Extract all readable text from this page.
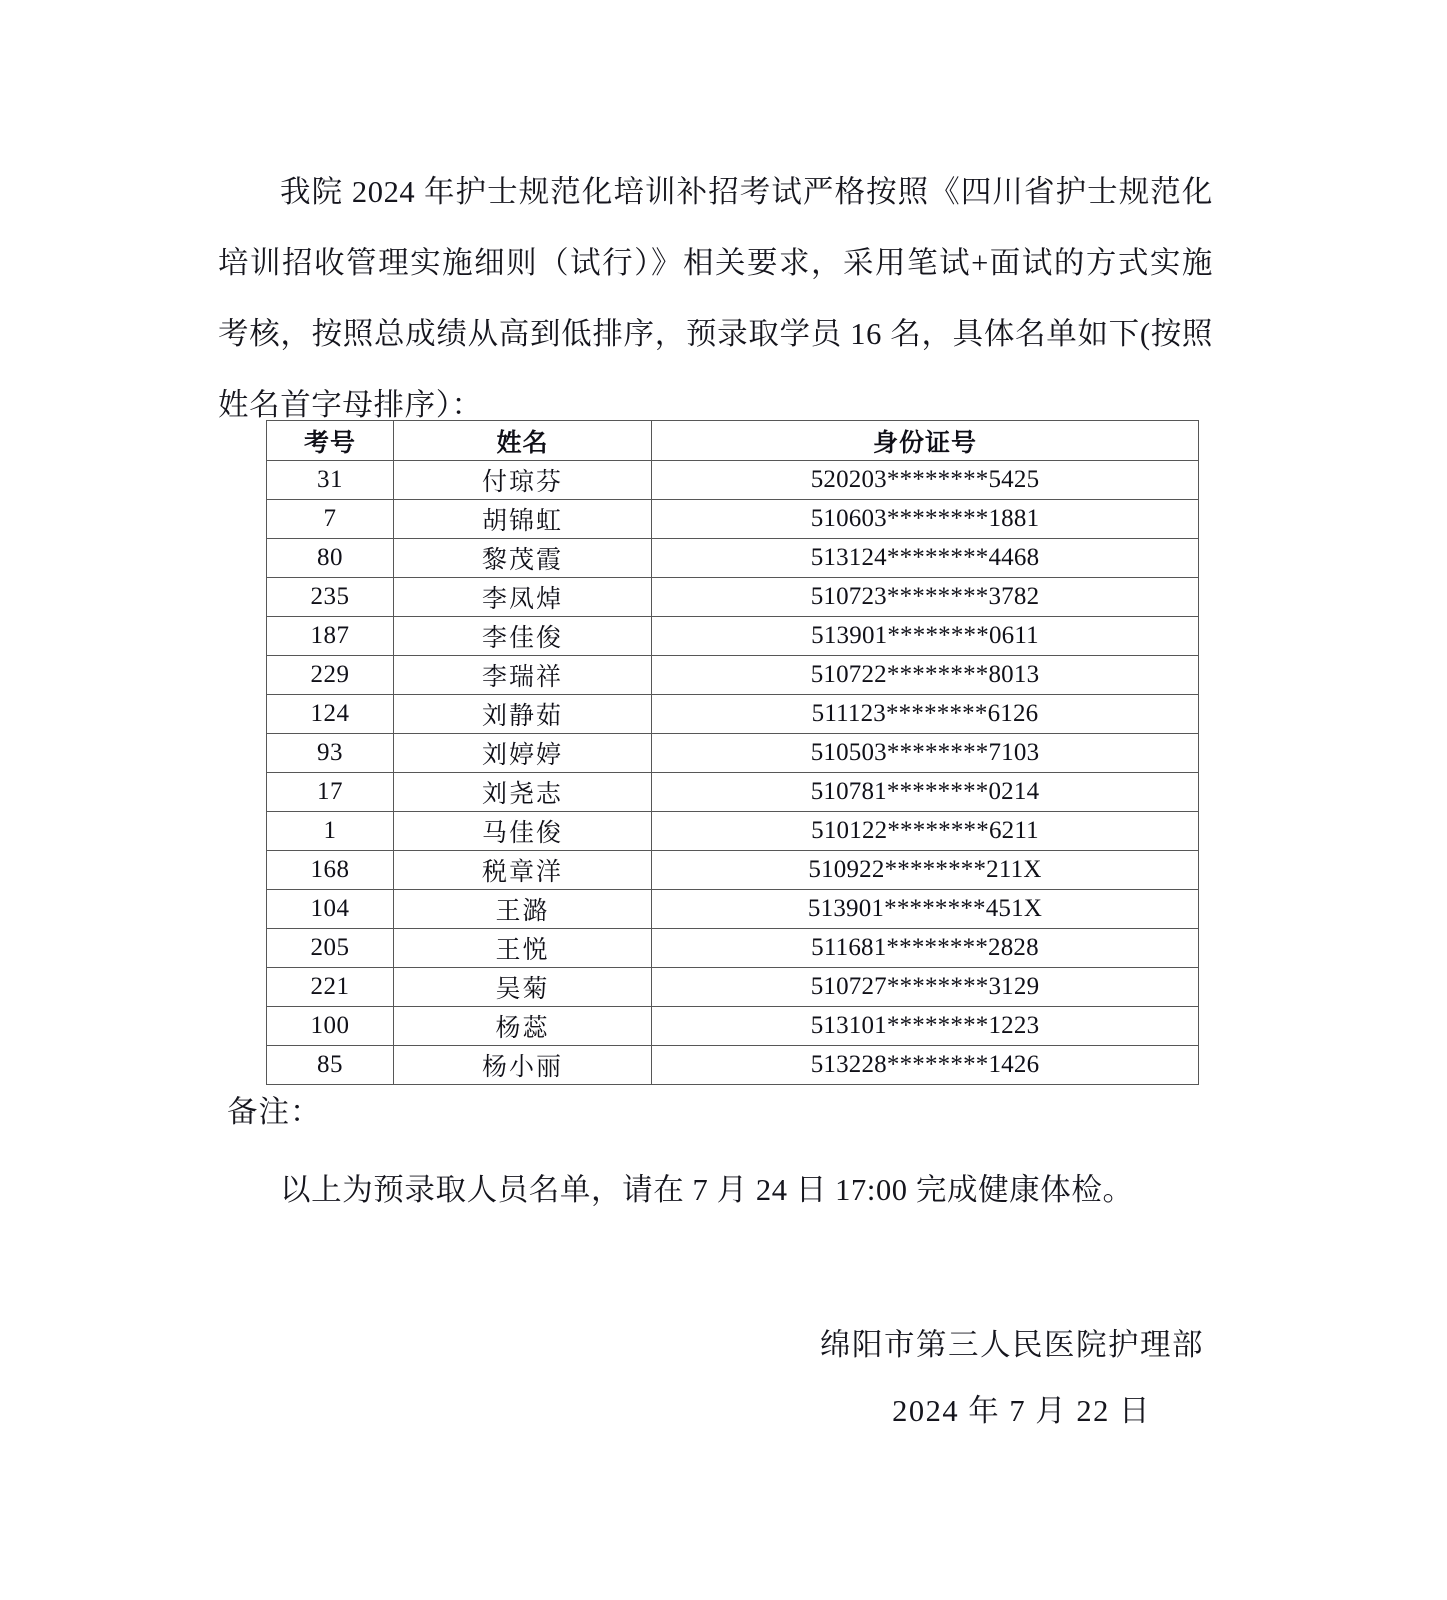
我院 2024 年护士规范化培训补招考试严格按照《四川省护士规范化培训招收管理实施细则（试行）》相关要求，采用笔试+面试的方式实施考核，按照总成绩从高到低排序，预录取学员 16 名，具体名单如下(按照姓名首字母排序）：

考号	姓名	身份证号
31	付琼芬	520203********5425
7	胡锦虹	510603********1881
80	黎茂霞	513124********4468
235	李凤焯	510723********3782
187	李佳俊	513901********0611
229	李瑞祥	510722********8013
124	刘静茹	511123********6126
93	刘婷婷	510503********7103
17	刘尧志	510781********0214
1	马佳俊	510122********6211
168	税章洋	510922********211X
104	王潞	513901********451X
205	王悦	511681********2828
221	吴菊	510727********3129
100	杨蕊	513101********1223
85	杨小丽	513228********1426
备注：
以上为预录取人员名单，请在 7 月 24 日 17:00 完成健康体检。
绵阳市第三人民医院护理部
2024 年 7 月 22 日
